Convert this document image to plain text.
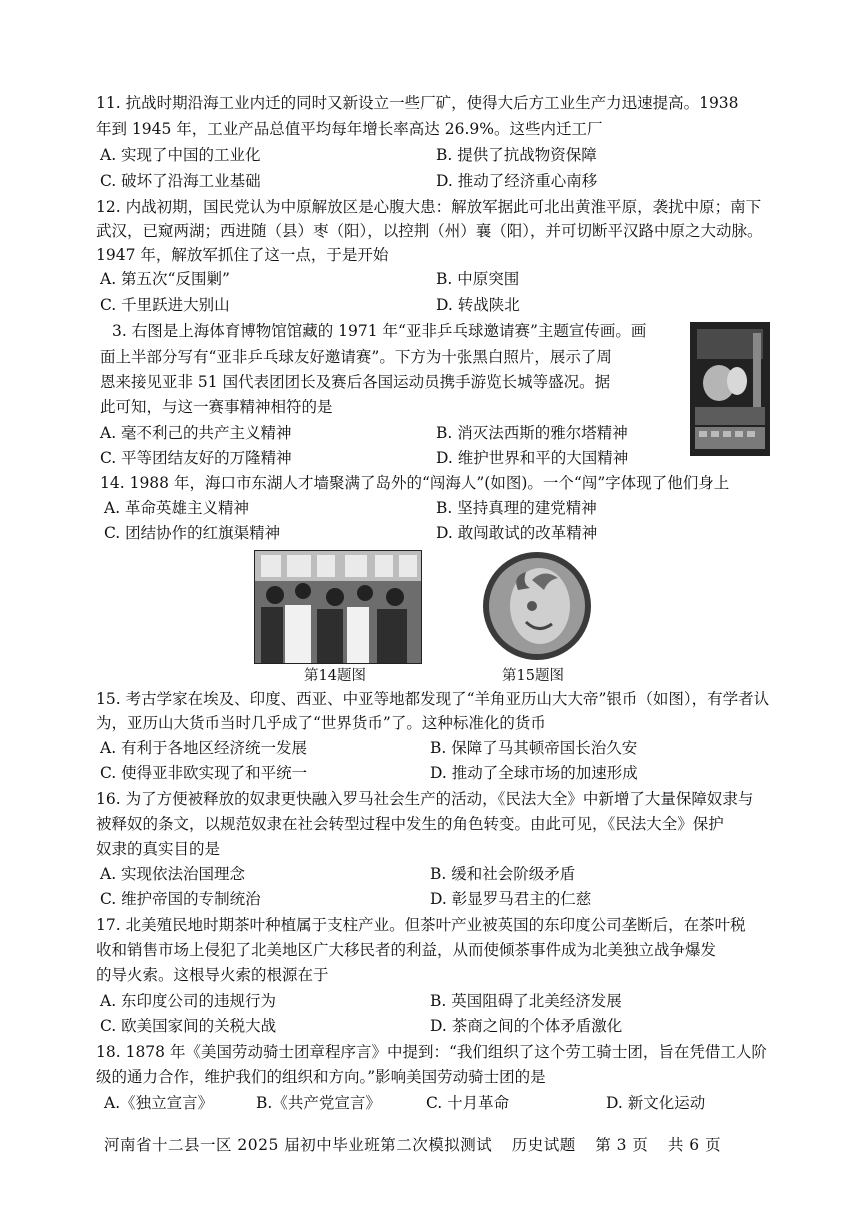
11. 抗战时期沿海工业内迁的同时又新设立一些厂矿，使得大后方工业生产力迅速提高。1938
年到 1945 年，工业产品总值平均每年增长率高达 26.9%。这些内迁工厂
A. 实现了中国的工业化	B. 提供了抗战物资保障
C. 破坏了沿海工业基础	D. 推动了经济重心南移
12. 内战初期，国民党认为中原解放区是心腹大患：解放军据此可北出黄淮平原，袭扰中原；南下
武汉，已窥两湖；西进随（县）枣（阳），以控荆（州）襄（阳），并可切断平汉路中原之大动脉。
1947 年，解放军抓住了这一点，于是开始
A. 第五次“反围剿”	B. 中原突围
C. 千里跃进大别山	D. 转战陕北
3. 右图是上海体育博物馆馆藏的 1971 年“亚非乒乓球邀请赛”主题宣传画。画
面上半部分写有“亚非乒乓球友好邀请赛”。下方为十张黑白照片，展示了周
恩来接见亚非 51 国代表团团长及赛后各国运动员携手游览长城等盛况。据
此可知，与这一赛事精神相符的是
A. 毫不利己的共产主义精神	B. 消灭法西斯的雅尔塔精神
C. 平等团结友好的万隆精神	D. 维护世界和平的大国精神
14. 1988 年，海口市东湖人才墙聚满了岛外的“闯海人”(如图)。一个“闯”字体现了他们身上
A. 革命英雄主义精神	B. 坚持真理的建党精神
C. 团结协作的红旗渠精神	D. 敢闯敢试的改革精神
第14题图	第15题图
15. 考古学家在埃及、印度、西亚、中亚等地都发现了“羊角亚历山大大帝”银币（如图），有学者认
为，亚历山大货币当时几乎成了“世界货币”了。这种标准化的货币
A. 有利于各地区经济统一发展	B. 保障了马其顿帝国长治久安
C. 使得亚非欧实现了和平统一	D. 推动了全球市场的加速形成
16. 为了方便被释放的奴隶更快融入罗马社会生产的活动，《民法大全》中新增了大量保障奴隶与
被释奴的条文，以规范奴隶在社会转型过程中发生的角色转变。由此可见，《民法大全》保护
奴隶的真实目的是
A. 实现依法治国理念	B. 缓和社会阶级矛盾
C. 维护帝国的专制统治	D. 彰显罗马君主的仁慈
17. 北美殖民地时期茶叶种植属于支柱产业。但茶叶产业被英国的东印度公司垄断后，在茶叶税
收和销售市场上侵犯了北美地区广大移民者的利益，从而使倾茶事件成为北美独立战争爆发
的导火索。这根导火索的根源在于
A. 东印度公司的违规行为	B. 英国阻碍了北美经济发展
C. 欧美国家间的关税大战	D. 茶商之间的个体矛盾激化
18. 1878 年《美国劳动骑士团章程序言》中提到：“我们组织了这个劳工骑士团，旨在凭借工人阶
级的通力合作，维护我们的组织和方向。”影响美国劳动骑士团的是
A.《独立宣言》	B.《共产党宣言》	C. 十月革命	D. 新文化运动
河南省十二县一区 2025 届初中毕业班第二次模拟测试 历史试题 第 3 页 共 6 页
